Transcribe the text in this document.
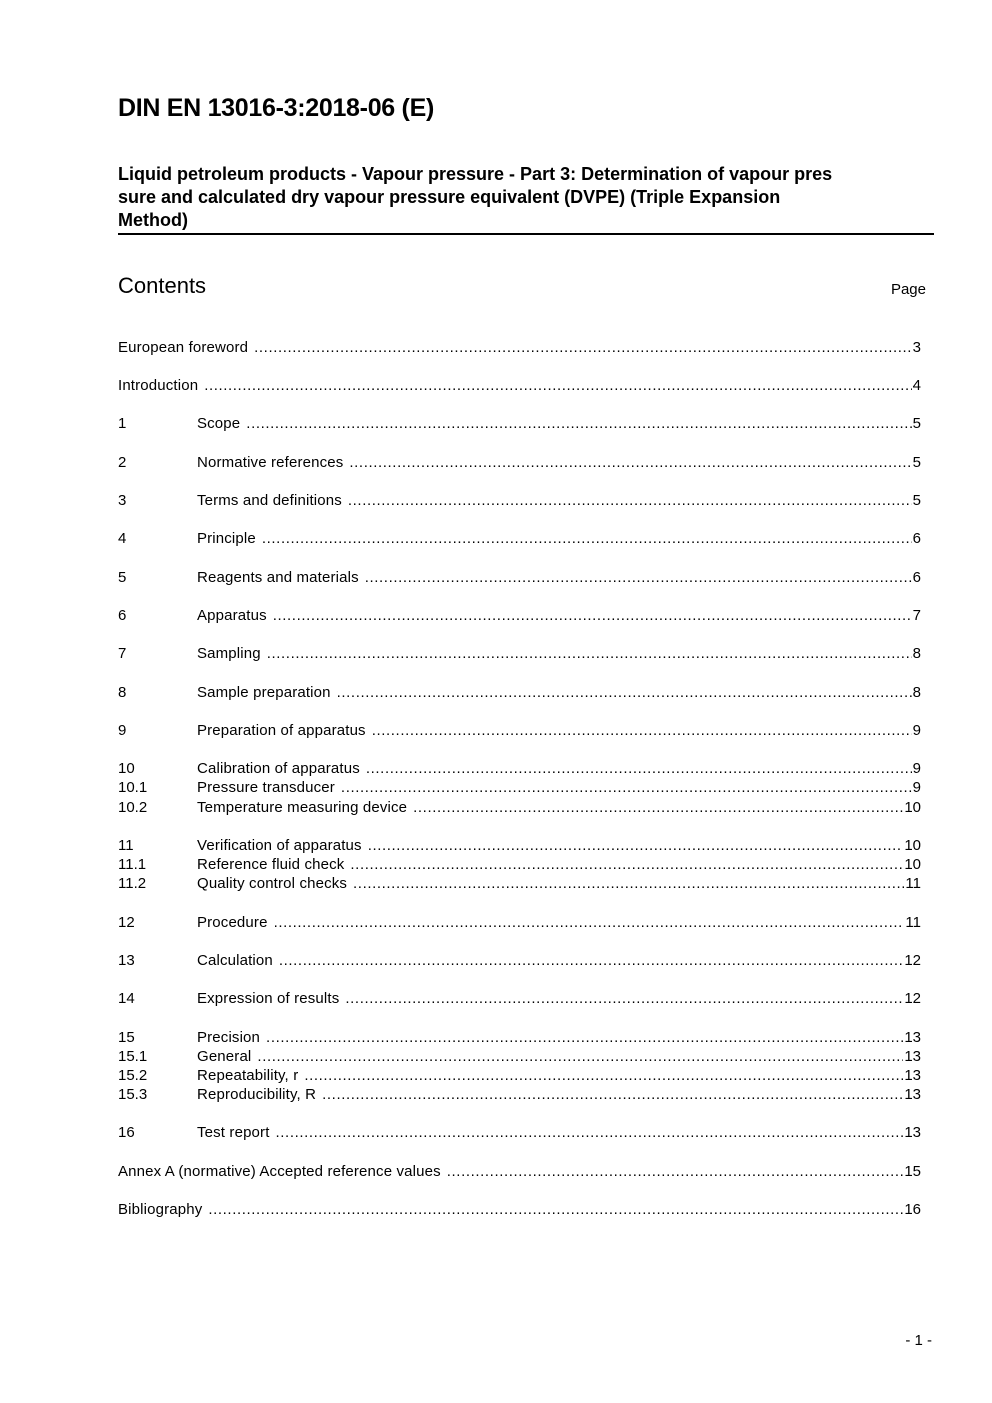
DIN EN 13016-3:2018-06 (E)
Liquid petroleum products - Vapour pressure - Part 3: Determination of vapour pres
sure and calculated dry vapour pressure equivalent (DVPE) (Triple Expansion
Method)
Contents	Page
European foreword .....	3
Introduction .....	4
1	Scope .....	5
2	Normative references .....	5
3	Terms and definitions .....	5
4	Principle .....	6
5	Reagents and materials .....	6
6	Apparatus .....	7
7	Sampling .....	8
8	Sample preparation .....	8
9	Preparation of apparatus .....	9
10	Calibration of apparatus .....	9
10.1	Pressure transducer .....	9
10.2	Temperature measuring device .....	10
11	Verification of apparatus .....	10
11.1	Reference fluid check .....	10
11.2	Quality control checks .....	11
12	Procedure .....	11
13	Calculation .....	12
14	Expression of results .....	12
15	Precision .....	13
15.1	General .....	13
15.2	Repeatability, r .....	13
15.3	Reproducibility, R .....	13
16	Test report .....	13
Annex A (normative) Accepted reference values .....	15
Bibliography .....	16
- 1 -
